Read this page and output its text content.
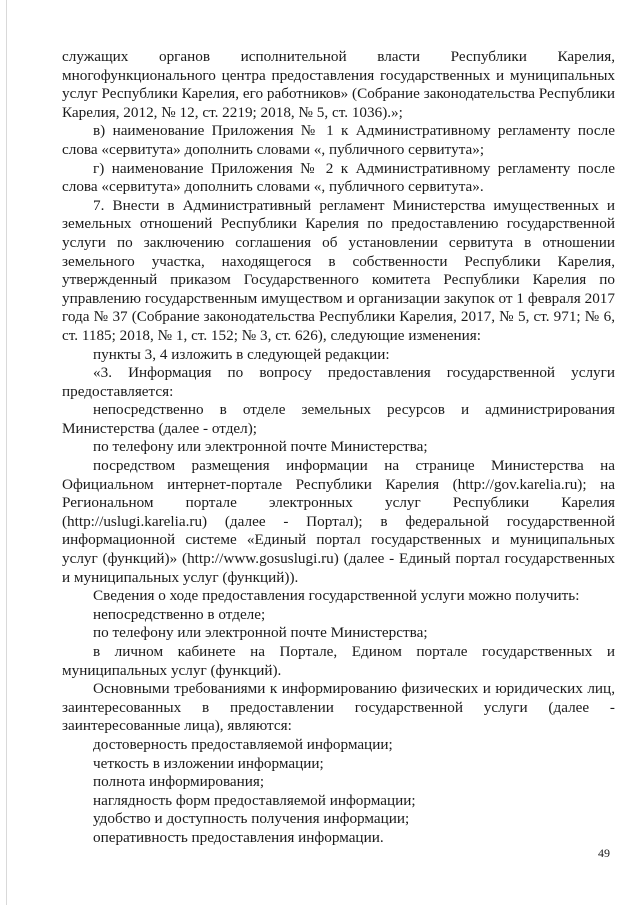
служащих органов исполнительной власти Республики Карелия, многофункционального центра предоставления государственных и муниципальных услуг Республики Карелия, его работников» (Собрание законодательства Республики Карелия, 2012, № 12, ст. 2219; 2018, № 5, ст. 1036).»;

в) наименование Приложения № 1 к Административному регламенту после слова «сервитута» дополнить словами «, публичного сервитута»;

г) наименование Приложения № 2 к Административному регламенту после слова «сервитута» дополнить словами «, публичного сервитута».

7. Внести в Административный регламент Министерства имущественных и земельных отношений Республики Карелия по предоставлению государственной услуги по заключению соглашения об установлении сервитута в отношении земельного участка, находящегося в собственности Республики Карелия, утвержденный приказом Государственного комитета Республики Карелия по управлению государственным имуществом и организации закупок от 1 февраля 2017 года № 37 (Собрание законодательства Республики Карелия, 2017, № 5, ст. 971; № 6, ст. 1185; 2018, № 1, ст. 152; № 3, ст. 626), следующие изменения:

пункты 3, 4 изложить в следующей редакции:

«3. Информация по вопросу предоставления государственной услуги предоставляется:

непосредственно в отделе земельных ресурсов и администрирования Министерства (далее - отдел);

по телефону или электронной почте Министерства;

посредством размещения информации на странице Министерства на Официальном интернет-портале Республики Карелия (http://gov.karelia.ru); на Региональном портале электронных услуг Республики Карелия (http://uslugi.karelia.ru) (далее - Портал); в федеральной государственной информационной системе «Единый портал государственных и муниципальных услуг (функций)» (http://www.gosuslugi.ru) (далее - Единый портал государственных и муниципальных услуг (функций)).

Сведения о ходе предоставления государственной услуги можно получить:

непосредственно в отделе;

по телефону или электронной почте Министерства;

в личном кабинете на Портале, Едином портале государственных и муниципальных услуг (функций).

Основными требованиями к информированию физических и юридических лиц, заинтересованных в предоставлении государственной услуги (далее - заинтересованные лица), являются:

достоверность предоставляемой информации;

четкость в изложении информации;

полнота информирования;

наглядность форм предоставляемой информации;

удобство и доступность получения информации;

оперативность предоставления информации.

49
